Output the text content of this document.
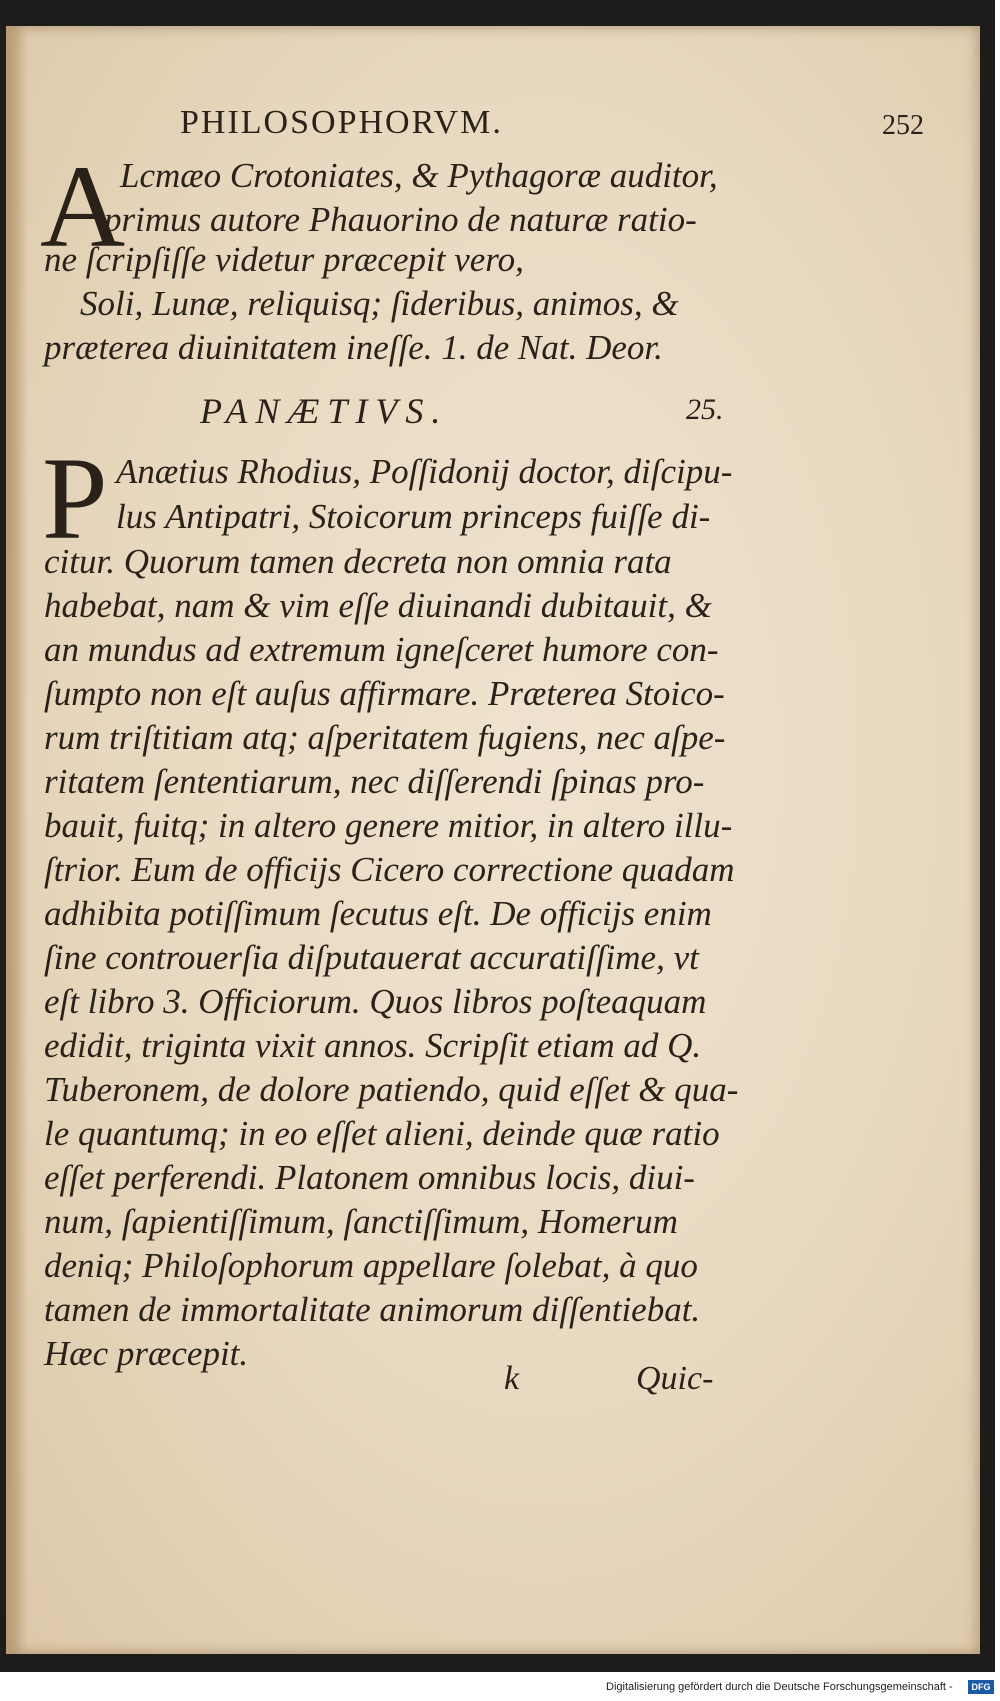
PHILOSOPHORVM.	252
A
Lcmæo Crotoniates, & Pythagoræ auditor,
primus autore Phauorino de naturæ ratio-
ne ſcripſiſſe videtur præcepit vero,
Soli, Lunæ, reliquisq; ſideribus, animos, &
præterea diuinitatem ineſſe. 1. de Nat. Deor.
PANÆTIVS.	25.
P Anætius Rhodius, Poſſidonij doctor, diſcipu-
lus Antipatri, Stoicorum princeps fuiſſe di-
citur. Quorum tamen decreta non omnia rata
habebat, nam & vim eſſe diuinandi dubitauit, &
an mundus ad extremum igneſceret humore con-
ſumpto non eſt auſus affirmare. Præterea Stoico-
rum triſtitiam atq; aſperitatem fugiens, nec aſpe-
ritatem ſententiarum, nec diſſerendi ſpinas pro-
bauit, fuitq; in altero genere mitior, in altero illu-
ſtrior. Eum de officijs Cicero correctione quadam
adhibita potiſſimum ſecutus eſt. De officijs enim
ſine controuerſia diſputauerat accuratiſſime, vt
eſt libro 3. Officiorum. Quos libros poſteaquam
edidit, triginta vixit annos. Scripſit etiam ad Q.
Tuberonem, de dolore patiendo, quid eſſet & qua-
le quantumq; in eo eſſet alieni, deinde quæ ratio
eſſet perferendi. Platonem omnibus locis, diui-
num, ſapientiſſimum, ſanctiſſimum, Homerum
deniq; Philoſophorum appellare ſolebat, à quo
tamen de immortalitate animorum diſſentiebat.
Hæc præcepit.
k	Quic-
Digitalisierung gefördert durch die Deutsche Forschungsgemeinschaft -	DFG
